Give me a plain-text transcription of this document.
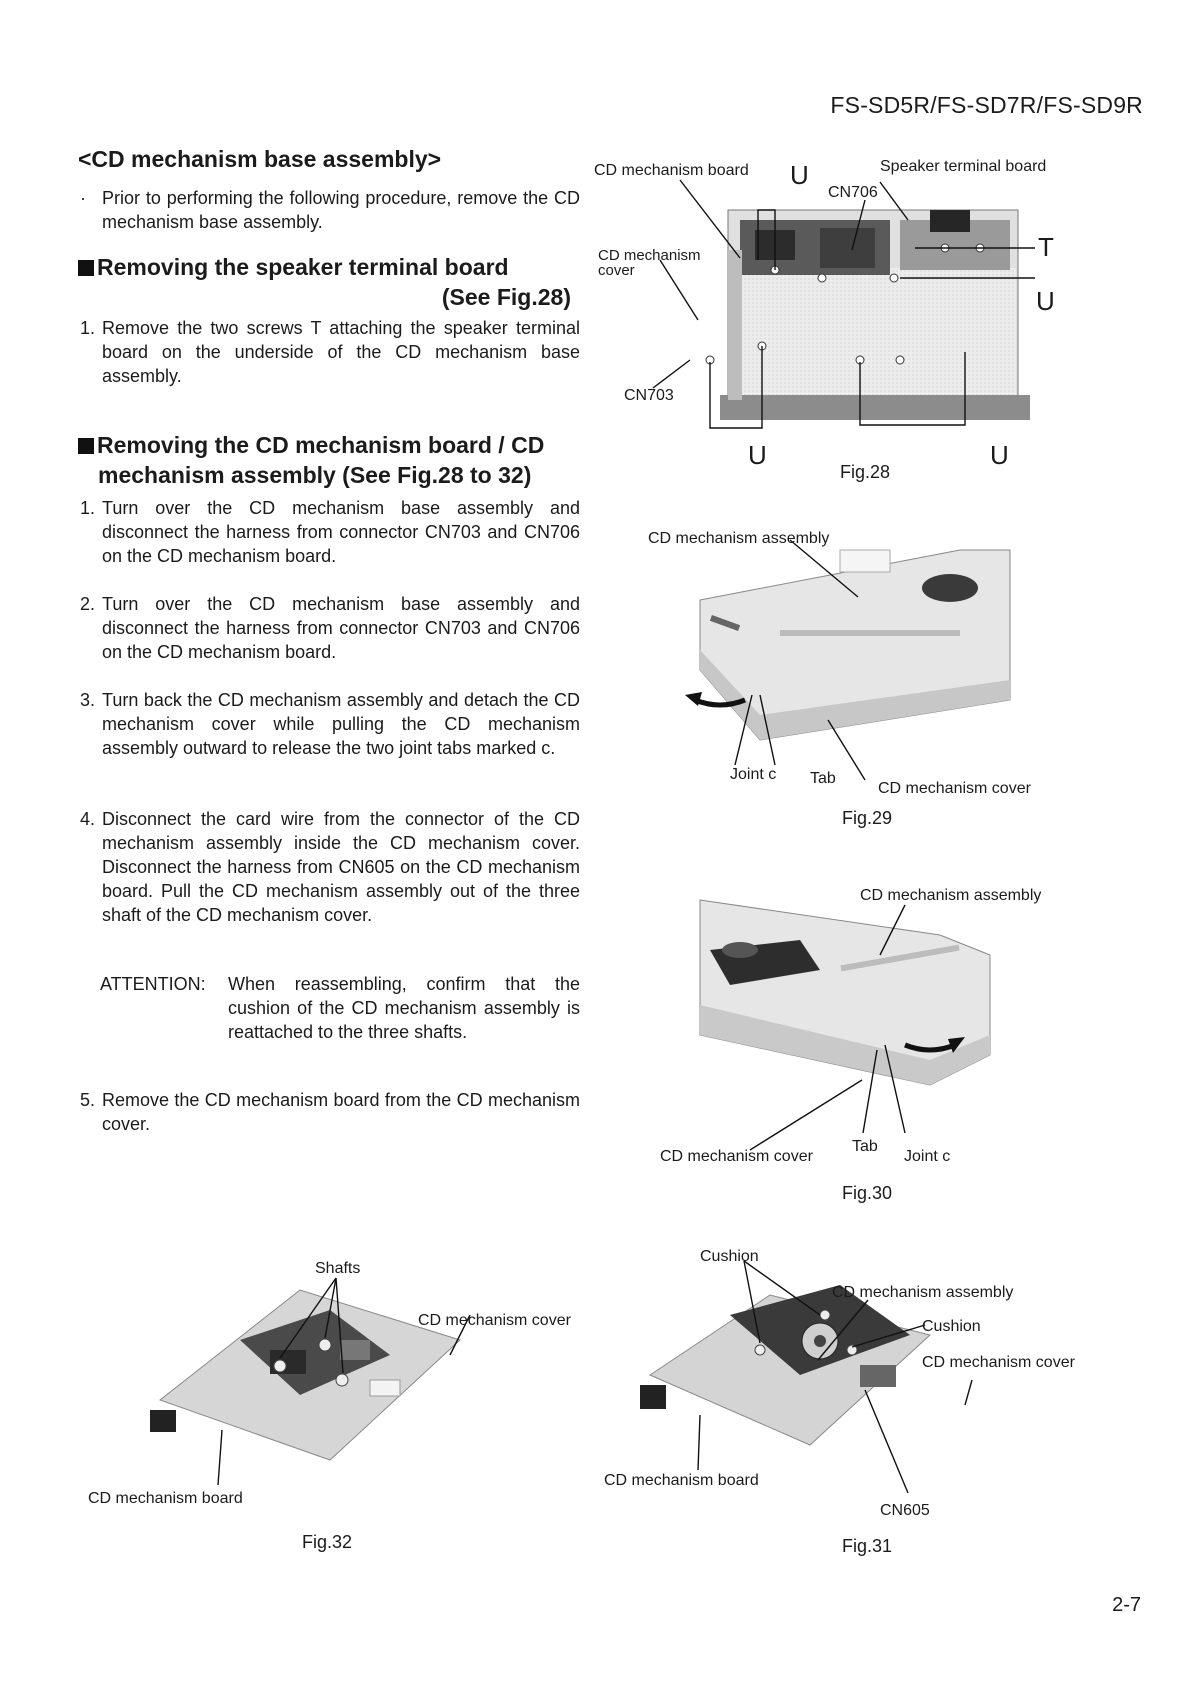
FS-SD5R/FS-SD7R/FS-SD9R
<CD mechanism base assembly>
· Prior to performing the following procedure, remove the CD mechanism base assembly.
Removing the speaker terminal board
(See Fig.28)
1. Remove the two screws T attaching the speaker terminal board on the underside of the CD mechanism base assembly.
Removing the CD mechanism board / CD
mechanism assembly (See Fig.28 to 32)
1. Turn over the CD mechanism base assembly and disconnect the harness from connector CN703 and CN706 on the CD mechanism board.
2. Turn over the CD mechanism base assembly and disconnect the harness from connector CN703 and CN706 on the CD mechanism board.
3. Turn back the CD mechanism assembly and detach the CD mechanism cover while pulling the CD mechanism assembly outward to release the two joint tabs marked c.
4. Disconnect the card wire from the connector of the CD mechanism assembly inside the CD mechanism cover. Disconnect the harness from CN605 on the CD mechanism board. Pull the CD mechanism assembly out of the three shaft of the CD mechanism cover.
ATTENTION: When reassembling, confirm that the cushion of the CD mechanism assembly is reattached to the three shafts.
5. Remove the CD mechanism board from the CD mechanism cover.
CD mechanism board U	Speaker terminal board
CN706
CD mechanism
cover
T
U
CN703
U	U
Fig.28
CD mechanism assembly
Joint c Tab
CD mechanism cover
Fig.29
CD mechanism assembly
CD mechanism cover
Tab
Joint c
Fig.30
Shafts
CD mechanism cover
CD mechanism board
Fig.32
Cushion
CD mechanism assembly
Cushion
CD mechanism cover
CD mechanism board
CN605
Fig.31
2-7
